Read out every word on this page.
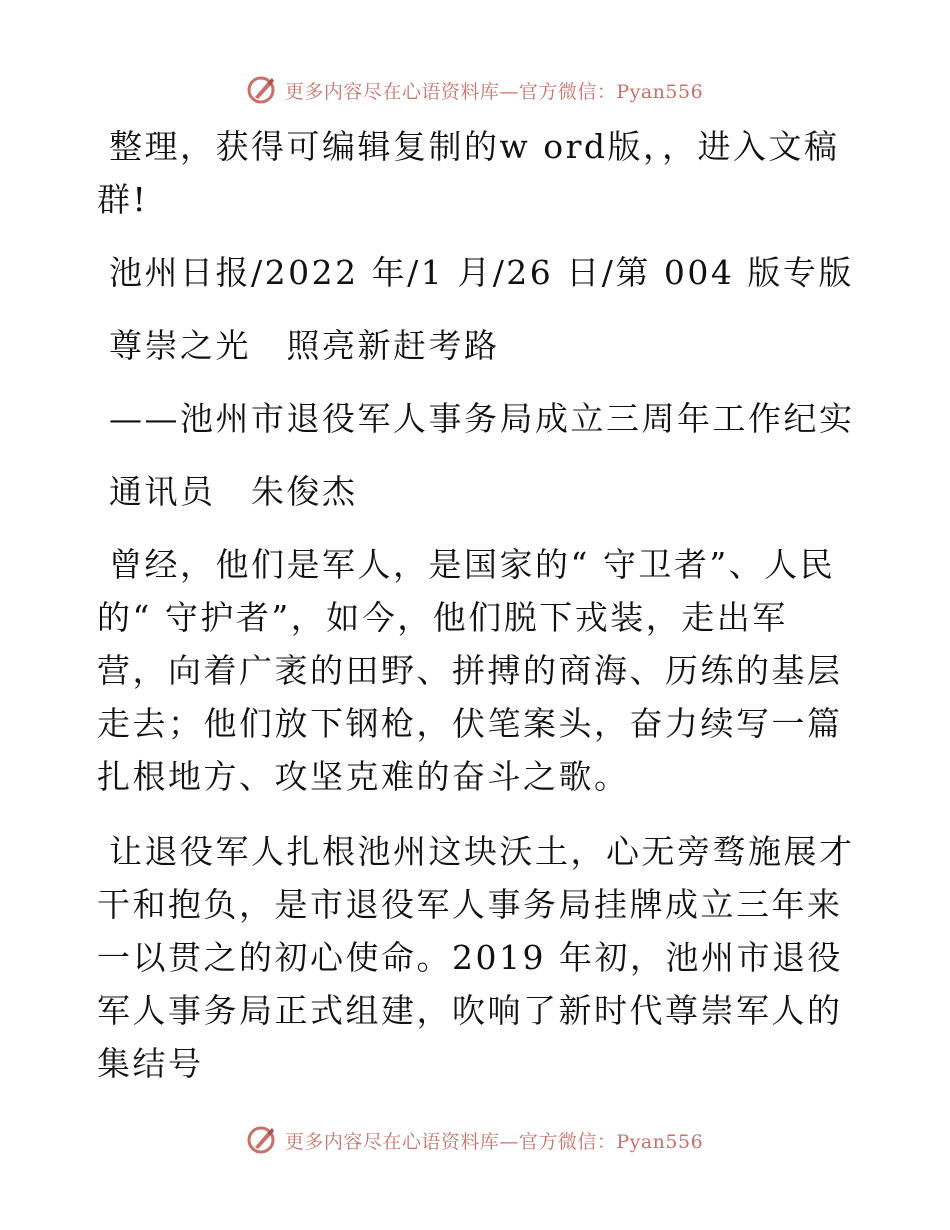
更多内容尽在心语资料库—官方微信：Pyan556

整理，获得可编辑复制的w ord版，，进入文稿群!

池州日报/2022 年/1 月/26 日/第 004 版专版

尊崇之光　照亮新赶考路

——池州市退役军人事务局成立三周年工作纪实

通讯员　朱俊杰

曾经，他们是军人，是国家的“ 守卫者”、人民的“ 守护者”，如今，他们脱下戎装，走出军营，向着广袤的田野、拼搏的商海、历练的基层走去；他们放下钢枪，伏笔案头，奋力续写一篇扎根地方、攻坚克难的奋斗之歌。

让退役军人扎根池州这块沃土，心无旁骛施展才干和抱负，是市退役军人事务局挂牌成立三年来一以贯之的初心使命。2019 年初，池州市退役军人事务局正式组建，吹响了新时代尊崇军人的集结号

更多内容尽在心语资料库—官方微信：Pyan556
